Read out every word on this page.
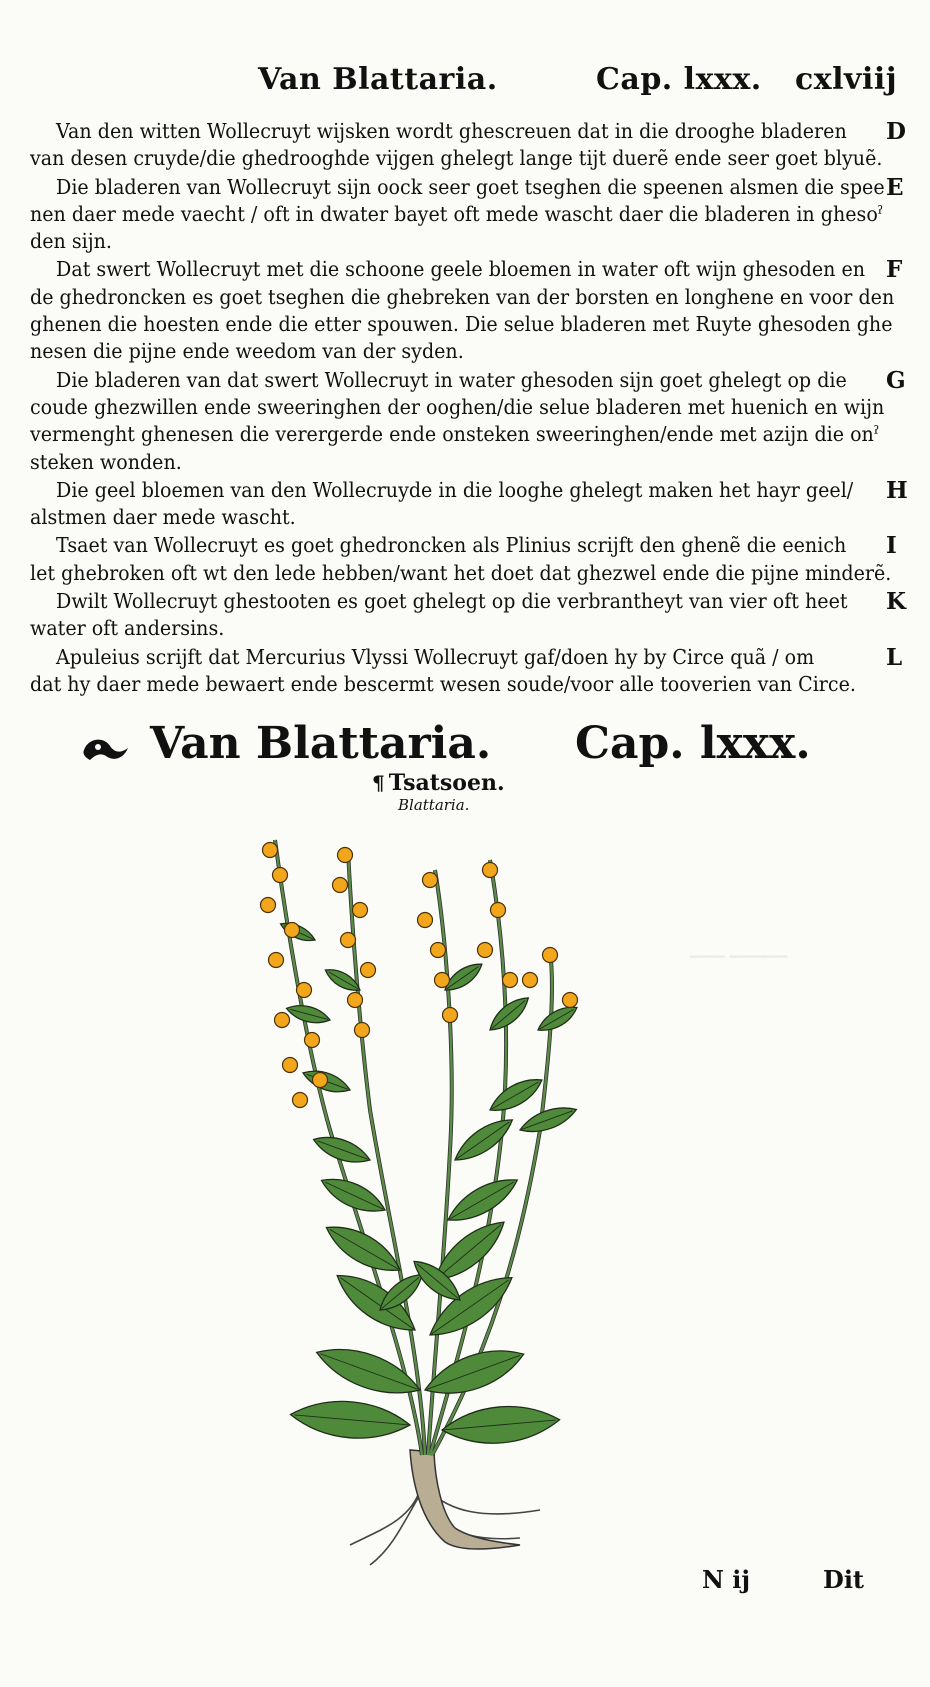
Van Blattaria.	Cap. lxxx. cxlviij
D
Van den witten Wollecruyt wijsken wordt ghescreuen dat in die drooghe bladeren
van desen cruyde/die ghedrooghde vijgen ghelegt lange tijt duerẽ ende seer goet blyuẽ.
E
Die bladeren van Wollecruyt sijn oock seer goet tseghen die speenen alsmen die spee
nen daer mede vaecht / oft in dwater bayet oft mede wascht daer die bladeren in ghesoˀ
den sijn.
F
Dat swert Wollecruyt met die schoone geele bloemen in water oft wijn ghesoden en
de ghedroncken es goet tseghen die ghebreken van der borsten en longhene en voor den
ghenen die hoesten ende die etter spouwen. Die selue bladeren met Ruyte ghesoden ghe
nesen die pijne ende weedom van der syden.
G
Die bladeren van dat swert Wollecruyt in water ghesoden sijn goet ghelegt op die
coude ghezwillen ende sweeringhen der ooghen/die selue bladeren met huenich en wijn
vermenght ghenesen die verergerde ende onsteken sweeringhen/ende met azijn die onˀ
steken wonden.
H
Die geel bloemen van den Wollecruyde in die looghe ghelegt maken het hayr geel/
alstmen daer mede wascht.
I
Tsaet van Wollecruyt es goet ghedroncken als Plinius scrijft den ghenẽ die eenich
let ghebroken oft wt den lede hebben/want het doet dat ghezwel ende die pijne minderẽ.
K
Dwilt Wollecruyt ghestooten es goet ghelegt op die verbrantheyt van vier oft heet
water oft andersins.
L
Apuleius scrijft dat Mercurius Vlyssi Wollecruyt gaf/doen hy by Circe quã / om
dat hy daer mede bewaert ende bescermt wesen soude/voor alle tooverien van Circe.
Van Blattaria. Cap. lxxx.
¶ Tsatsoen.
Blattaria.
N ij	Dit
▁▁▁ ▁▁▁▁▁
